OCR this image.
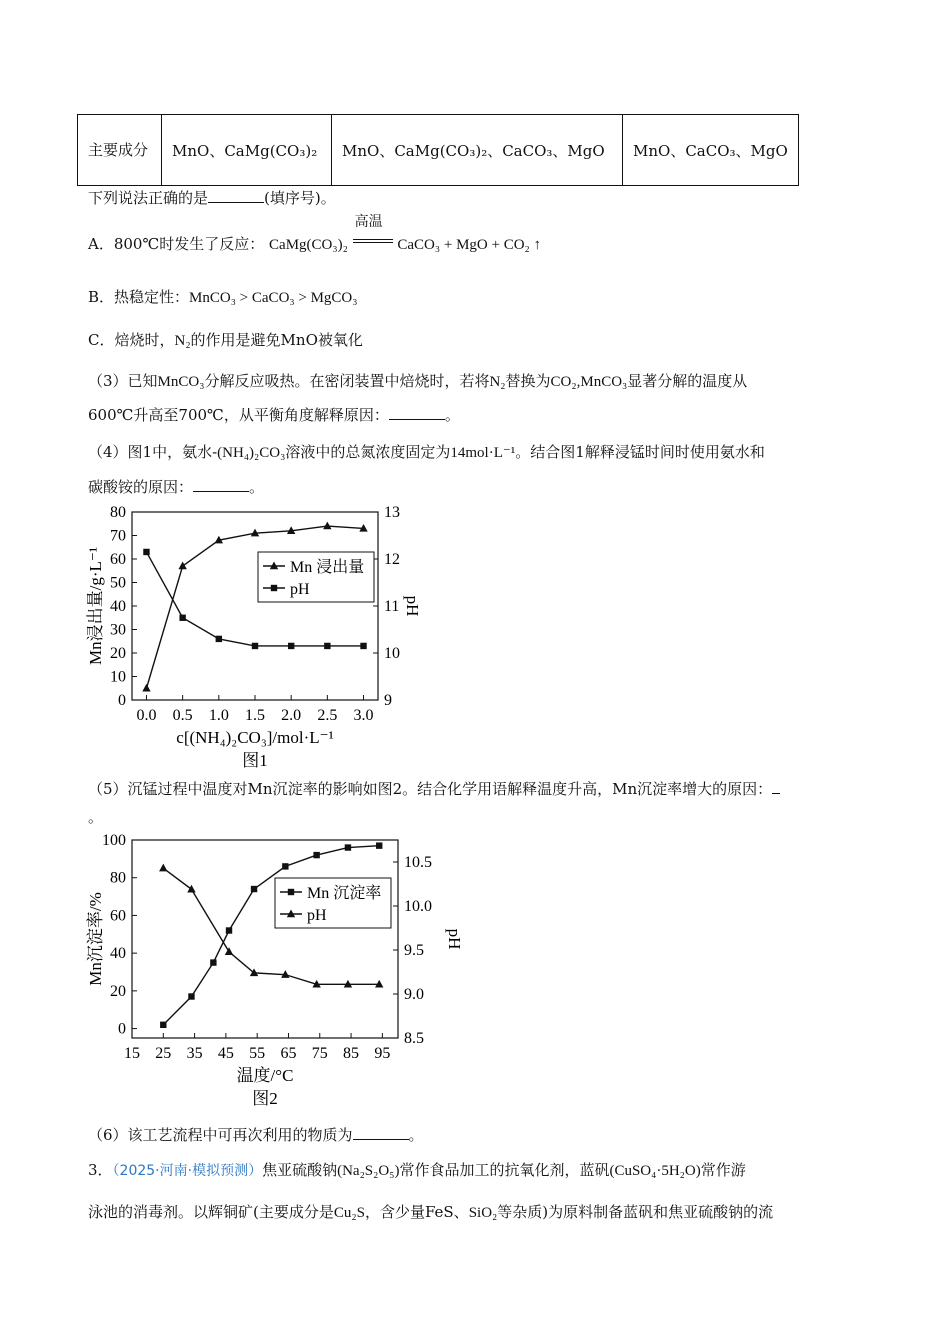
主要成分	MnO、CaMg(CO₃)₂	MnO、CaMg(CO₃)₂、CaCO₃、MgO	MnO、CaCO₃、MgO
下列说法正确的是	(填序号)。
A．800℃时发生了反应： CaMg(CO₃)₂
高温
CaCO₃ + MgO + CO₂ ↑
B．热稳定性：MnCO₃ > CaCO₃ > MgCO₃
C．焙烧时，N₂的作用是避免MnO被氧化
（3）已知MnCO₃分解反应吸热。在密闭装置中焙烧时，若将N₂替换为CO₂,MnCO₃显著分解的温度从
600℃升高至700℃，从平衡角度解释原因：	。
（4）图1中，氨水-(NH₄)₂CO₃溶液中的总氮浓度固定为14mol·L⁻¹。结合图1解释浸锰时间时使用氨水和
碳酸铵的原因：	。
0.0 0.5 1.0 1.5 2.0 2.5 3.0
0
10
20
30
40
50
60
70
80
9
10
11
12
13
Mn浸出量/g·L⁻¹	pH
c[(NH₄)₂CO₃]/mol·L⁻¹
图1
Mn 浸出量
pH
（5）沉锰过程中温度对Mn沉淀率的影响如图2。结合化学用语解释温度升高，Mn沉淀率增大的原因：
。
15 25 35 45 55 65 75 85 95
0
20
40
60
80
100
8.5
9.0
9.5
10.0
10.5
Mn沉淀率/%	pH
温度/°C
图2
Mn 沉淀率
pH
（6）该工艺流程中可再次利用的物质为	。
3．（2025·河南·模拟预测）焦亚硫酸钠(Na₂S₂O₅)常作食品加工的抗氧化剂，蓝矾(CuSO₄·5H₂O)常作游
泳池的消毒剂。以辉铜矿(主要成分是Cu₂S，含少量FeS、SiO₂等杂质)为原料制备蓝矾和焦亚硫酸钠的流
